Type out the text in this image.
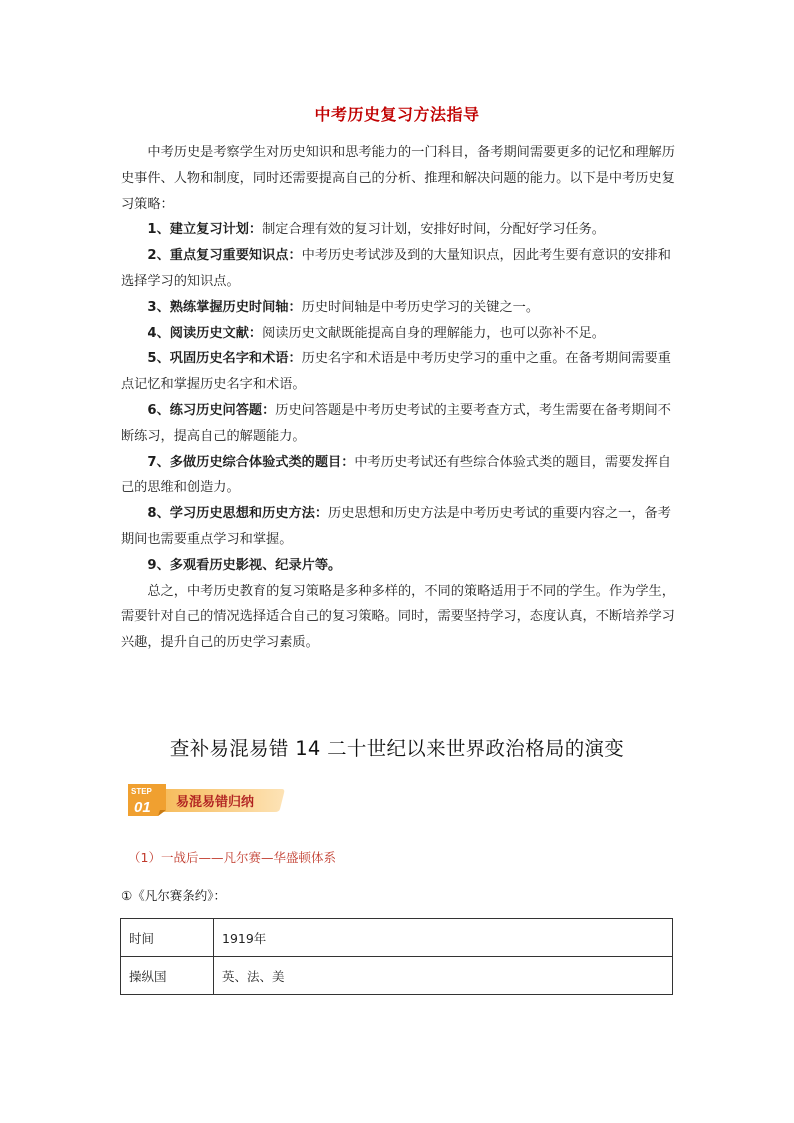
中考历史复习方法指导

中考历史是考察学生对历史知识和思考能力的一门科目，备考期间需要更多的记忆和理解历史事件、人物和制度，同时还需要提高自己的分析、推理和解决问题的能力。以下是中考历史复习策略：

1、建立复习计划：制定合理有效的复习计划，安排好时间，分配好学习任务。

2、重点复习重要知识点：中考历史考试涉及到的大量知识点，因此考生要有意识的安排和选择学习的知识点。

3、熟练掌握历史时间轴：历史时间轴是中考历史学习的关键之一。

4、阅读历史文献：阅读历史文献既能提高自身的理解能力，也可以弥补不足。

5、巩固历史名字和术语：历史名字和术语是中考历史学习的重中之重。在备考期间需要重点记忆和掌握历史名字和术语。

6、练习历史问答题：历史问答题是中考历史考试的主要考查方式，考生需要在备考期间不断练习，提高自己的解题能力。

7、多做历史综合体验式类的题目：中考历史考试还有些综合体验式类的题目，需要发挥自己的思维和创造力。

8、学习历史思想和历史方法：历史思想和历史方法是中考历史考试的重要内容之一，备考期间也需要重点学习和掌握。

9、多观看历史影视、纪录片等。

总之，中考历史教育的复习策略是多种多样的，不同的策略适用于不同的学生。作为学生，需要针对自己的情况选择适合自己的复习策略。同时，需要坚持学习，态度认真，不断培养学习兴趣，提升自己的历史学习素质。

查补易混易错 14 二十世纪以来世界政治格局的演变
STEP
01 易混易错归纳
（1）一战后——凡尔赛—华盛顿体系
①《凡尔赛条约》：
时间	1919年
操纵国	英、法、美
